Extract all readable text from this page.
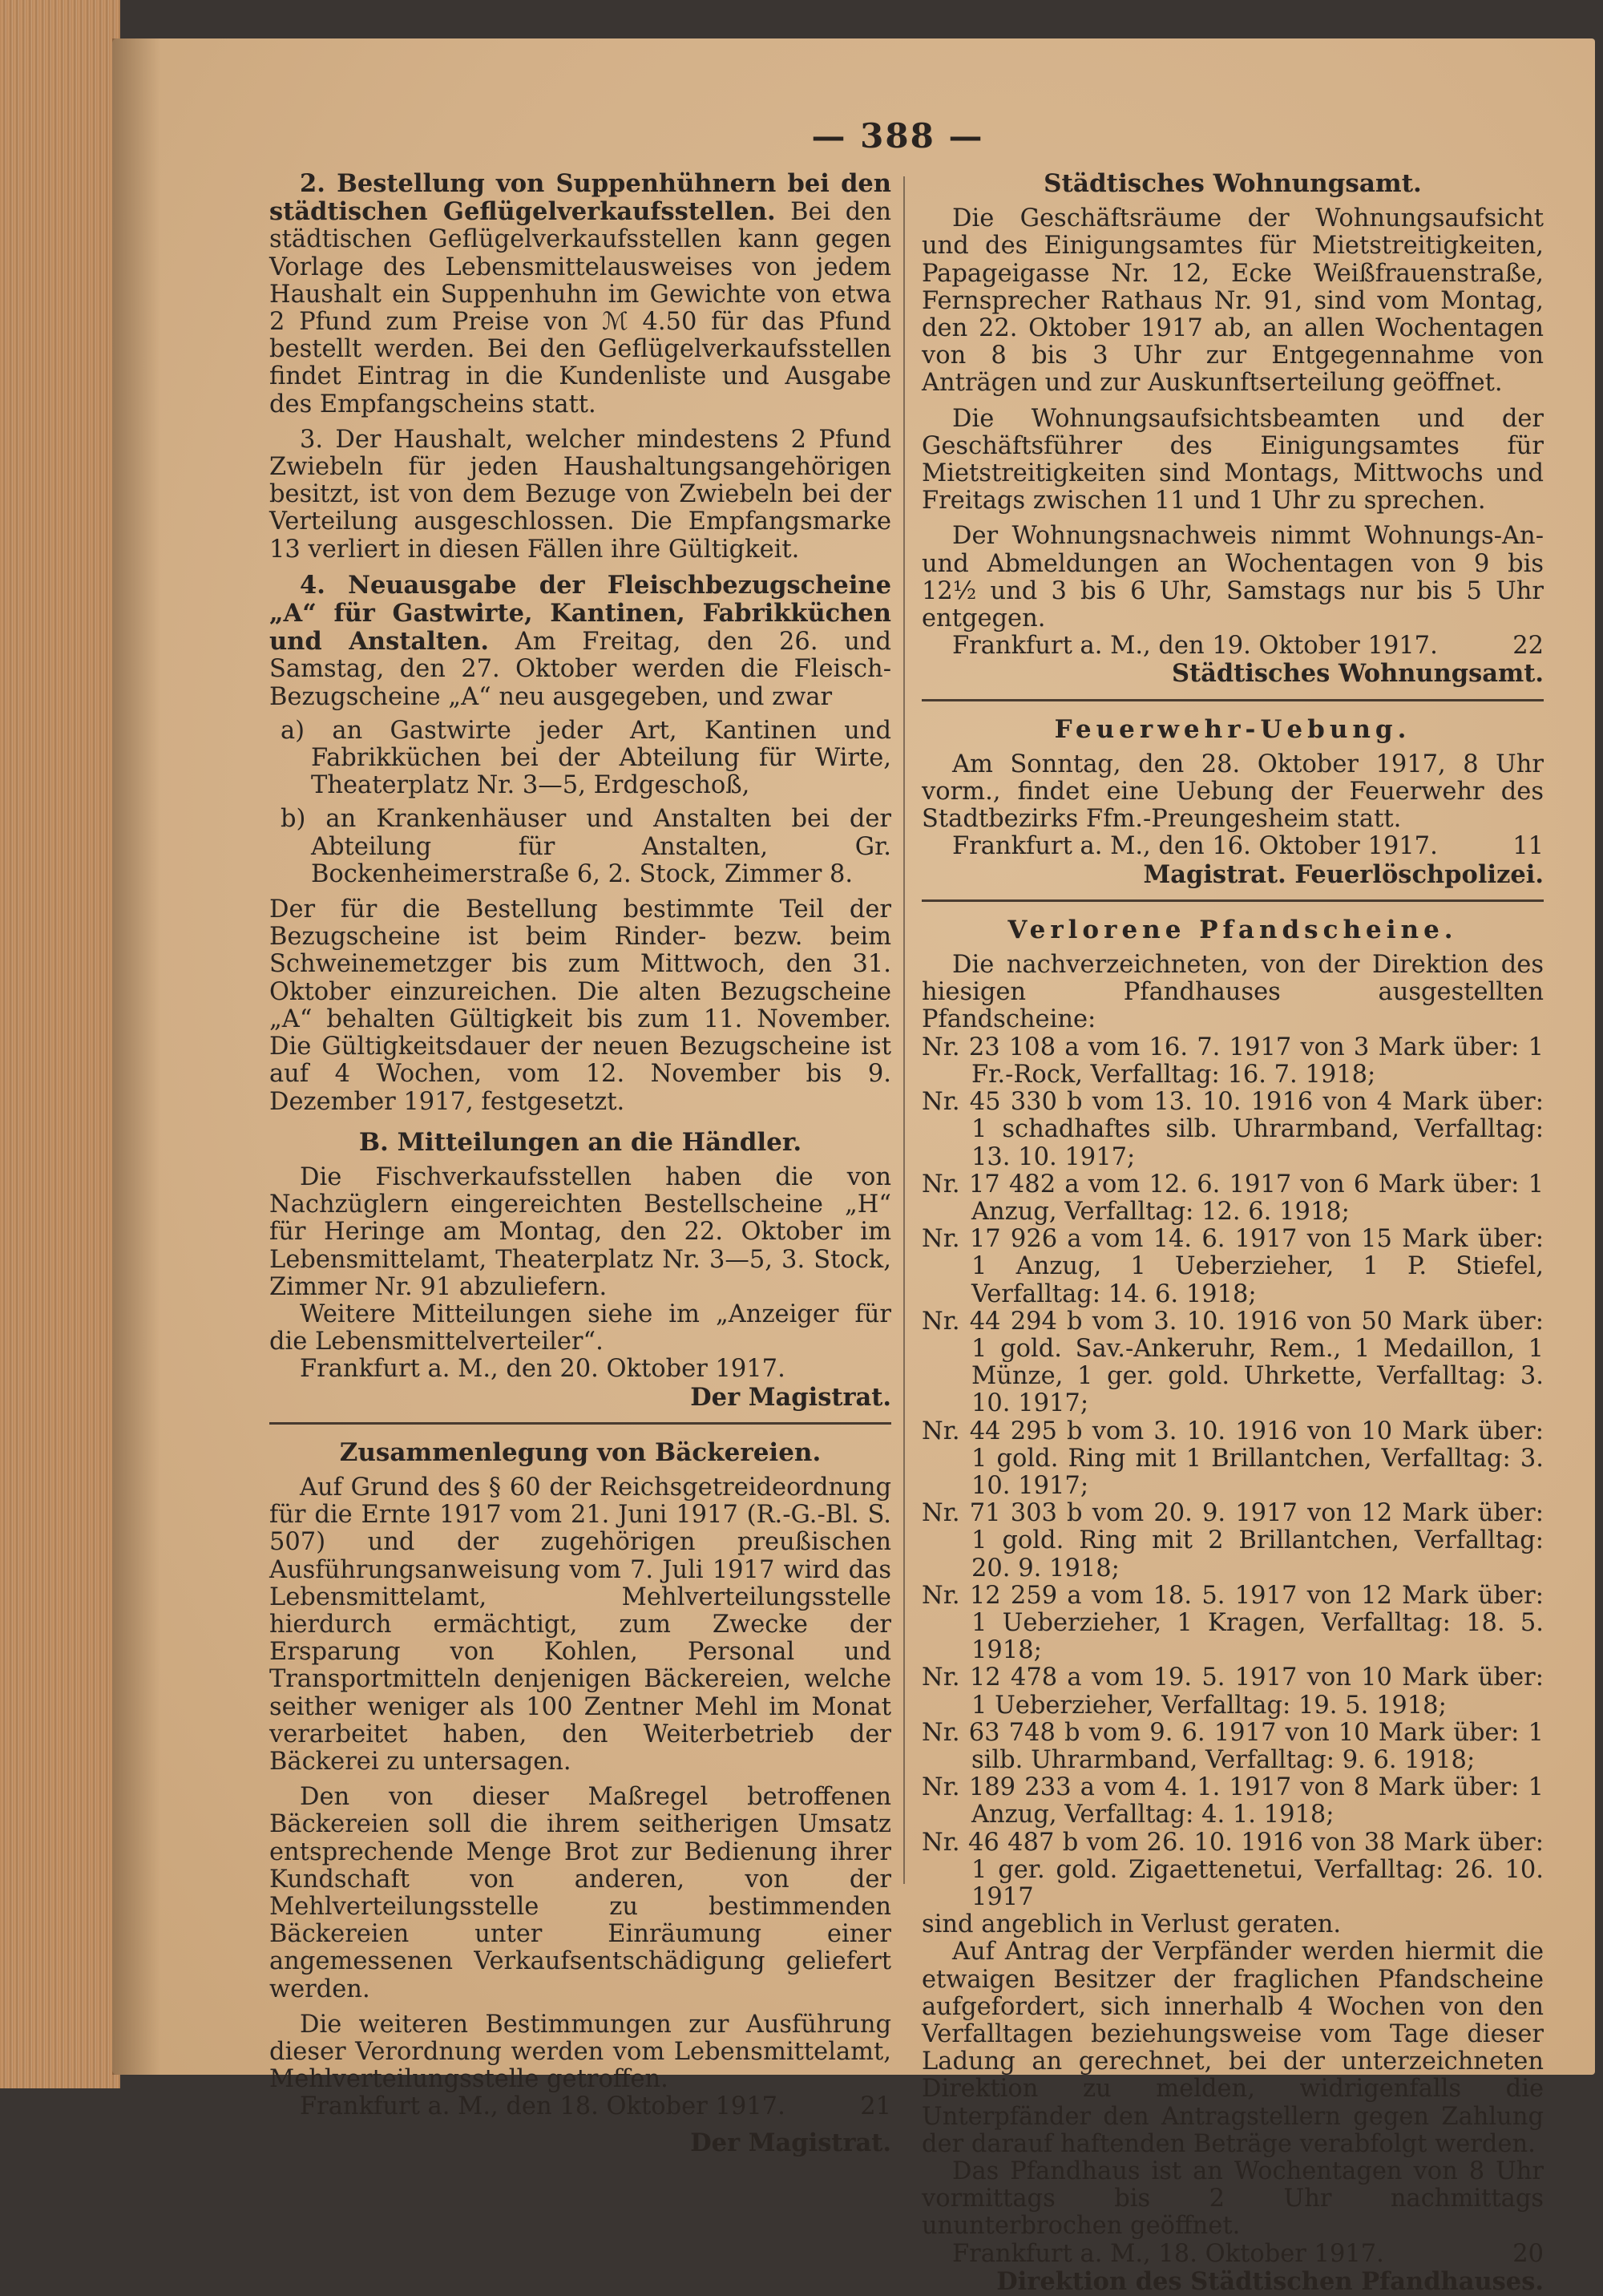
— 388 —

2. Bestellung von Suppenhühnern bei den städtischen Geflügelverkaufsstellen. Bei den städtischen Geflügelverkaufsstellen kann gegen Vorlage des Lebensmittelausweises von jedem Haushalt ein Suppenhuhn im Gewichte von etwa 2 Pfund zum Preise von ℳ 4.50 für das Pfund bestellt werden. Bei den Geflügelverkaufsstellen findet Eintrag in die Kundenliste und Ausgabe des Empfangscheins statt.

3. Der Haushalt, welcher mindestens 2 Pfund Zwiebeln für jeden Haushaltungsangehörigen besitzt, ist von dem Bezuge von Zwiebeln bei der Verteilung ausgeschlossen. Die Empfangsmarke 13 verliert in diesen Fällen ihre Gültigkeit.

4. Neuausgabe der Fleischbezugscheine „A“ für Gastwirte, Kantinen, Fabrikküchen und Anstalten. Am Freitag, den 26. und Samstag, den 27. Oktober werden die Fleisch-Bezugscheine „A“ neu ausgegeben, und zwar

a) an Gastwirte jeder Art, Kantinen und Fabrikküchen bei der Abteilung für Wirte, Theaterplatz Nr. 3—5, Erdgeschoß,

b) an Krankenhäuser und Anstalten bei der Abteilung für Anstalten, Gr. Bockenheimerstraße 6, 2. Stock, Zimmer 8.

Der für die Bestellung bestimmte Teil der Bezugscheine ist beim Rinder- bezw. beim Schweinemetzger bis zum Mittwoch, den 31. Oktober einzureichen. Die alten Bezugscheine „A“ behalten Gültigkeit bis zum 11. November. Die Gültigkeitsdauer der neuen Bezugscheine ist auf 4 Wochen, vom 12. November bis 9. Dezember 1917, festgesetzt.

B. Mitteilungen an die Händler.

Die Fischverkaufsstellen haben die von Nachzüglern eingereichten Bestellscheine „H“ für Heringe am Montag, den 22. Oktober im Lebensmittelamt, Theaterplatz Nr. 3—5, 3. Stock, Zimmer Nr. 91 abzuliefern.

Weitere Mitteilungen siehe im „Anzeiger für die Lebensmittelverteiler“.

Frankfurt a. M., den 20. Oktober 1917.

Der Magistrat.

Zusammenlegung von Bäckereien.

Auf Grund des § 60 der Reichsgetreideordnung für die Ernte 1917 vom 21. Juni 1917 (R.-G.-Bl. S. 507) und der zugehörigen preußischen Ausführungsanweisung vom 7. Juli 1917 wird das Lebensmittelamt, Mehlverteilungsstelle hierdurch ermächtigt, zum Zwecke der Ersparung von Kohlen, Personal und Transportmitteln denjenigen Bäckereien, welche seither weniger als 100 Zentner Mehl im Monat verarbeitet haben, den Weiterbetrieb der Bäckerei zu untersagen.

Den von dieser Maßregel betroffenen Bäckereien soll die ihrem seitherigen Umsatz entsprechende Menge Brot zur Bedienung ihrer Kundschaft von anderen, von der Mehlverteilungsstelle zu bestimmenden Bäckereien unter Einräumung einer angemessenen Verkaufsentschädigung geliefert werden.

Die weiteren Bestimmungen zur Ausführung dieser Verordnung werden vom Lebensmittelamt, Mehlverteilungsstelle getroffen.

Frankfurt a. M., den 18. Oktober 1917.	21

Der Magistrat.

Städtisches Wohnungsamt.

Die Geschäftsräume der Wohnungsaufsicht und des Einigungsamtes für Mietstreitigkeiten, Papageigasse Nr. 12, Ecke Weißfrauenstraße, Fernsprecher Rathaus Nr. 91, sind vom Montag, den 22. Oktober 1917 ab, an allen Wochentagen von 8 bis 3 Uhr zur Entgegennahme von Anträgen und zur Auskunftserteilung geöffnet.

Die Wohnungsaufsichtsbeamten und der Geschäftsführer des Einigungsamtes für Mietstreitigkeiten sind Montags, Mittwochs und Freitags zwischen 11 und 1 Uhr zu sprechen.

Der Wohnungsnachweis nimmt Wohnungs-An- und Abmeldungen an Wochentagen von 9 bis 12½ und 3 bis 6 Uhr, Samstags nur bis 5 Uhr entgegen.

Frankfurt a. M., den 19. Oktober 1917.	22

Städtisches Wohnungsamt.

Feuerwehr-Uebung.

Am Sonntag, den 28. Oktober 1917, 8 Uhr vorm., findet eine Uebung der Feuerwehr des Stadtbezirks Ffm.-Preungesheim statt.

Frankfurt a. M., den 16. Oktober 1917.	11

Magistrat. Feuerlöschpolizei.

Verlorene Pfandscheine.

Die nachverzeichneten, von der Direktion des hiesigen Pfandhauses ausgestellten Pfandscheine:

Nr. 23 108 a vom 16. 7. 1917 von 3 Mark über: 1 Fr.-Rock, Verfalltag: 16. 7. 1918;

Nr. 45 330 b vom 13. 10. 1916 von 4 Mark über: 1 schadhaftes silb. Uhrarmband, Verfalltag: 13. 10. 1917;

Nr. 17 482 a vom 12. 6. 1917 von 6 Mark über: 1 Anzug, Verfalltag: 12. 6. 1918;

Nr. 17 926 a vom 14. 6. 1917 von 15 Mark über: 1 Anzug, 1 Ueberzieher, 1 P. Stiefel, Verfalltag: 14. 6. 1918;

Nr. 44 294 b vom 3. 10. 1916 von 50 Mark über: 1 gold. Sav.-Ankeruhr, Rem., 1 Medaillon, 1 Münze, 1 ger. gold. Uhrkette, Verfalltag: 3. 10. 1917;

Nr. 44 295 b vom 3. 10. 1916 von 10 Mark über: 1 gold. Ring mit 1 Brillantchen, Verfalltag: 3. 10. 1917;

Nr. 71 303 b vom 20. 9. 1917 von 12 Mark über: 1 gold. Ring mit 2 Brillantchen, Verfalltag: 20. 9. 1918;

Nr. 12 259 a vom 18. 5. 1917 von 12 Mark über: 1 Ueberzieher, 1 Kragen, Verfalltag: 18. 5. 1918;

Nr. 12 478 a vom 19. 5. 1917 von 10 Mark über: 1 Ueberzieher, Verfalltag: 19. 5. 1918;

Nr. 63 748 b vom 9. 6. 1917 von 10 Mark über: 1 silb. Uhrarmband, Verfalltag: 9. 6. 1918;

Nr. 189 233 a vom 4. 1. 1917 von 8 Mark über: 1 Anzug, Verfalltag: 4. 1. 1918;

Nr. 46 487 b vom 26. 10. 1916 von 38 Mark über: 1 ger. gold. Zigaettenetui, Verfalltag: 26. 10. 1917

sind angeblich in Verlust geraten.

Auf Antrag der Verpfänder werden hiermit die etwaigen Besitzer der fraglichen Pfandscheine aufgefordert, sich innerhalb 4 Wochen von den Verfalltagen beziehungsweise vom Tage dieser Ladung an gerechnet, bei der unterzeichneten Direktion zu melden, widrigenfalls die Unterpfänder den Antragstellern gegen Zahlung der darauf haftenden Beträge verabfolgt werden.

Das Pfandhaus ist an Wochentagen von 8 Uhr vormittags bis 2 Uhr nachmittags ununterbrochen geöffnet.

Frankfurt a. M., 18. Oktober 1917.	20

Direktion des Städtischen Pfandhauses.
